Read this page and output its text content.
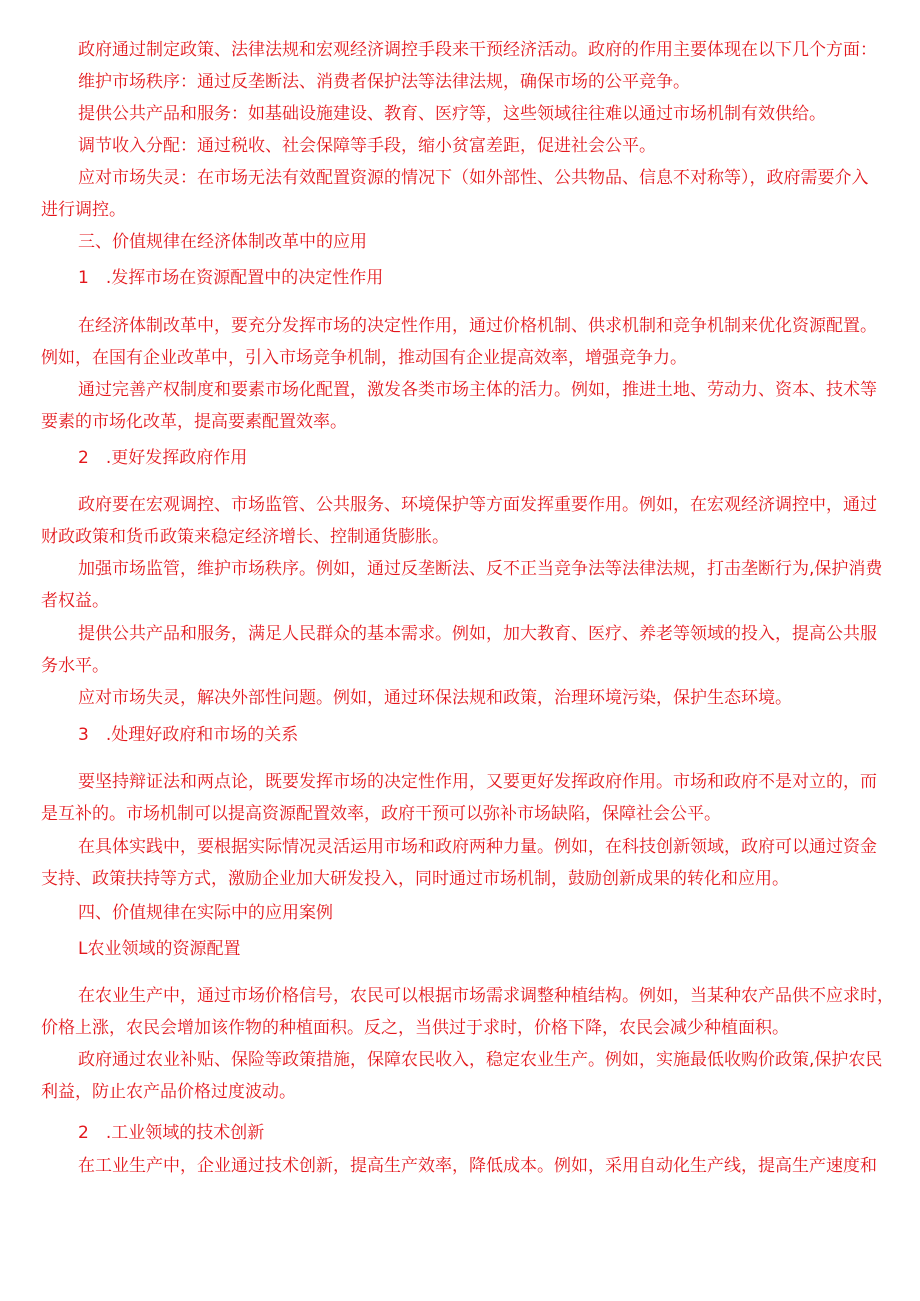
政府通过制定政策、法律法规和宏观经济调控手段来干预经济活动。政府的作用主要体现在以下几个方面：
维护市场秩序：通过反垄断法、消费者保护法等法律法规，确保市场的公平竞争。
提供公共产品和服务：如基础设施建设、教育、医疗等，这些领域往往难以通过市场机制有效供给。
调节收入分配：通过税收、社会保障等手段，缩小贫富差距，促进社会公平。
应对市场失灵：在市场无法有效配置资源的情况下（如外部性、公共物品、信息不对称等），政府需要介入
进行调控。
三、价值规律在经济体制改革中的应用
1　.发挥市场在资源配置中的决定性作用
在经济体制改革中，要充分发挥市场的决定性作用，通过价格机制、供求机制和竞争机制来优化资源配置。
例如，在国有企业改革中，引入市场竞争机制，推动国有企业提高效率，增强竞争力。
通过完善产权制度和要素市场化配置，激发各类市场主体的活力。例如，推进土地、劳动力、资本、技术等
要素的市场化改革，提高要素配置效率。
2　.更好发挥政府作用
政府要在宏观调控、市场监管、公共服务、环境保护等方面发挥重要作用。例如，在宏观经济调控中，通过
财政政策和货币政策来稳定经济增长、控制通货膨胀。
加强市场监管，维护市场秩序。例如，通过反垄断法、反不正当竞争法等法律法规，打击垄断行为,保护消费
者权益。
提供公共产品和服务，满足人民群众的基本需求。例如，加大教育、医疗、养老等领域的投入，提高公共服
务水平。
应对市场失灵，解决外部性问题。例如，通过环保法规和政策，治理环境污染，保护生态环境。
3　.处理好政府和市场的关系
要坚持辩证法和两点论，既要发挥市场的决定性作用，又要更好发挥政府作用。市场和政府不是对立的，而
是互补的。市场机制可以提高资源配置效率，政府干预可以弥补市场缺陷，保障社会公平。
在具体实践中，要根据实际情况灵活运用市场和政府两种力量。例如，在科技创新领域，政府可以通过资金
支持、政策扶持等方式，激励企业加大研发投入，同时通过市场机制，鼓励创新成果的转化和应用。
四、价值规律在实际中的应用案例
L农业领域的资源配置
在农业生产中，通过市场价格信号，农民可以根据市场需求调整种植结构。例如，当某种农产品供不应求时，
价格上涨，农民会增加该作物的种植面积。反之，当供过于求时，价格下降，农民会减少种植面积。
政府通过农业补贴、保险等政策措施，保障农民收入，稳定农业生产。例如，实施最低收购价政策,保护农民
利益，防止农产品价格过度波动。
2　.工业领域的技术创新
在工业生产中，企业通过技术创新，提高生产效率，降低成本。例如，采用自动化生产线，提高生产速度和
